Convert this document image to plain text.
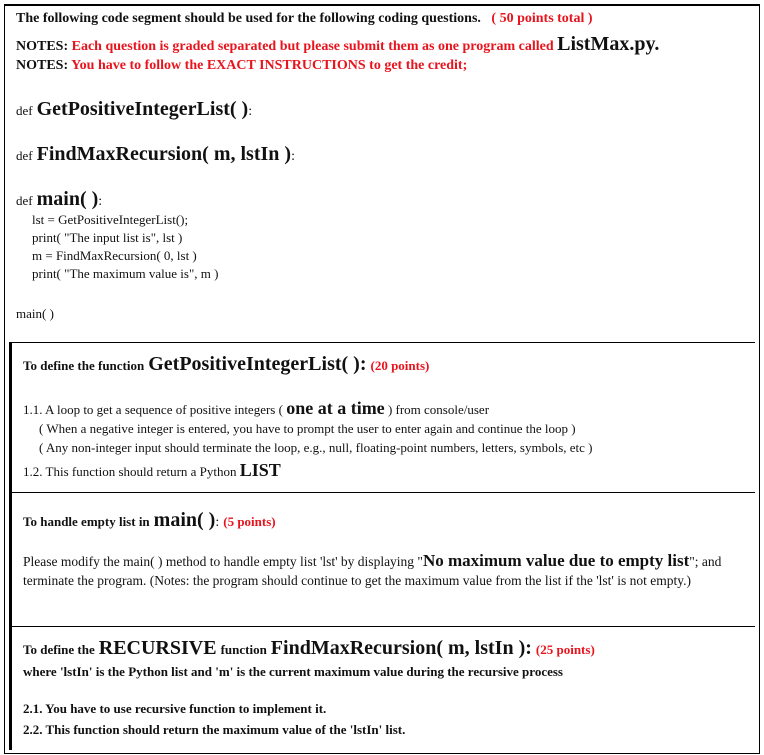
The following code segment should be used for the following coding questions. ( 50 points total )
NOTES: Each question is graded separated but please submit them as one program called ListMax.py.
NOTES: You have to follow the EXACT INSTRUCTIONS to get the credit;
def GetPositiveIntegerList( ):
def FindMaxRecursion( m, lstIn ):
def main( ):
lst = GetPositiveIntegerList();
print( "The input list is", lst )
m = FindMaxRecursion( 0, lst )
print( "The maximum value is", m )
main( )
To define the function GetPositiveIntegerList( ): (20 points)
1.1. A loop to get a sequence of positive integers ( one at a time ) from console/user
( When a negative integer is entered, you have to prompt the user to enter again and continue the loop )
( Any non-integer input should terminate the loop, e.g., null, floating-point numbers, letters, symbols, etc )
1.2. This function should return a Python LIST
To handle empty list in main( ): (5 points)
Please modify the main( ) method to handle empty list 'lst' by displaying "No maximum value due to empty list"; and terminate the program. (Notes: the program should continue to get the maximum value from the list if the 'lst' is not empty.)
To define the RECURSIVE function FindMaxRecursion( m, lstIn ): (25 points)
where 'lstIn' is the Python list and 'm' is the current maximum value during the recursive process
2.1. You have to use recursive function to implement it.
2.2. This function should return the maximum value of the 'lstIn' list.
